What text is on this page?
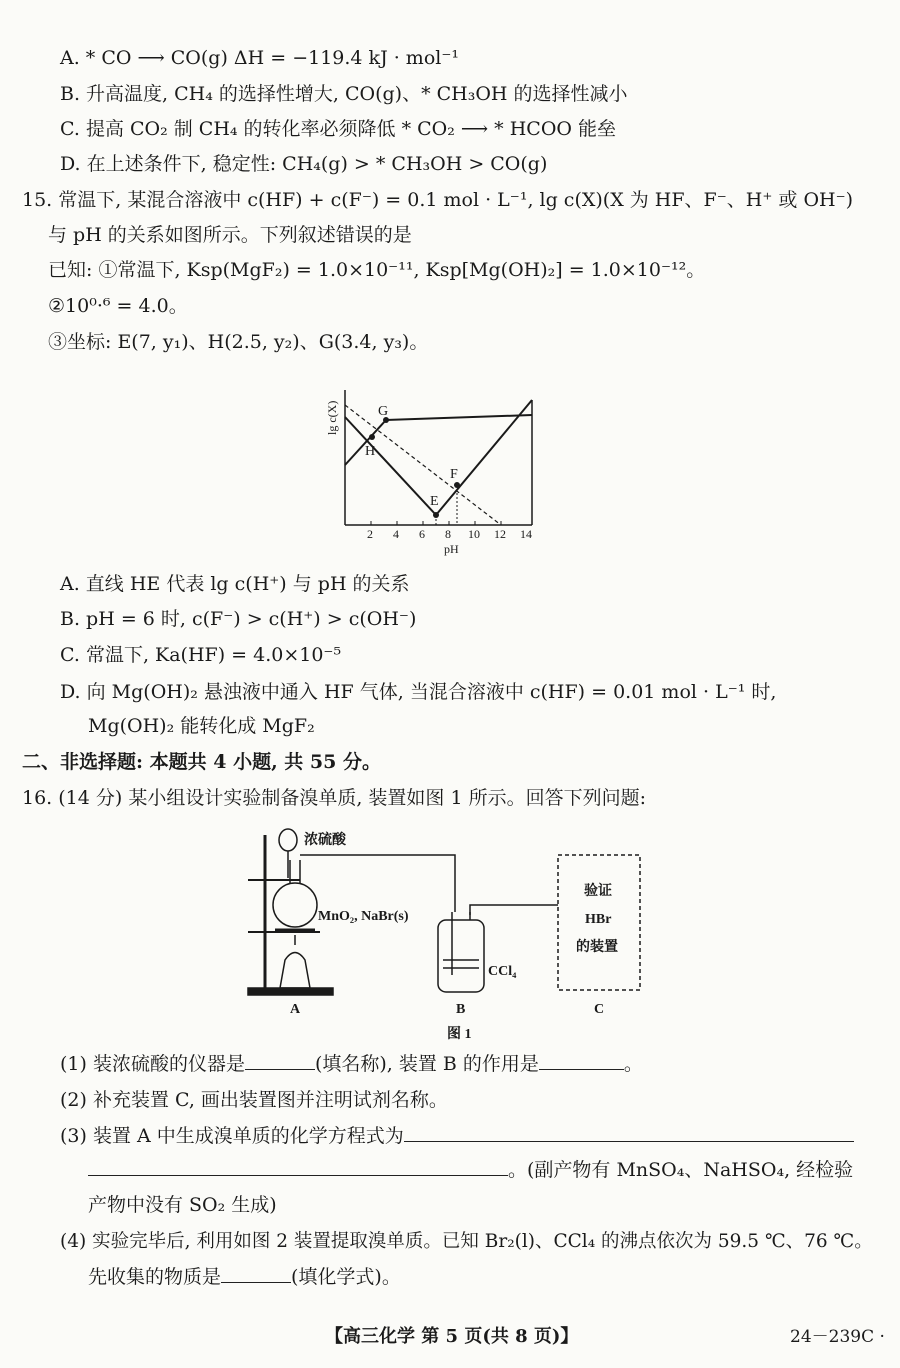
A. * CO ⟶ CO(g) ΔH = −119.4 kJ · mol⁻¹
B. 升高温度, CH₄ 的选择性增大, CO(g)、* CH₃OH 的选择性减小
C. 提高 CO₂ 制 CH₄ 的转化率必须降低 * CO₂ ⟶ * HCOO 能垒
D. 在上述条件下, 稳定性: CH₄(g) > * CH₃OH > CO(g)
15. 常温下, 某混合溶液中 c(HF) + c(F⁻) = 0.1 mol · L⁻¹, lg c(X)(X 为 HF、F⁻、H⁺ 或 OH⁻)
与 pH 的关系如图所示。下列叙述错误的是
已知: ①常温下, Ksp(MgF₂) = 1.0×10⁻¹¹, Ksp[Mg(OH)₂] = 1.0×10⁻¹²。
②10⁰·⁶ = 4.0。
③坐标: E(7, y₁)、H(2.5, y₂)、G(3.4, y₃)。
G
H
E
F
2 4 6 8 10 12 14
pH
lg c(X)
A. 直线 HE 代表 lg c(H⁺) 与 pH 的关系
B. pH = 6 时, c(F⁻) > c(H⁺) > c(OH⁻)
C. 常温下, Ka(HF) = 4.0×10⁻⁵
D. 向 Mg(OH)₂ 悬浊液中通入 HF 气体, 当混合溶液中 c(HF) = 0.01 mol · L⁻¹ 时,
Mg(OH)₂ 能转化成 MgF₂
二、非选择题: 本题共 4 小题, 共 55 分。
16. (14 分) 某小组设计实验制备溴单质, 装置如图 1 所示。回答下列问题:
浓硫酸
MnO₂, NaBr(s)
CCl₄
验证
HBr
的装置
A	B	C
图 1
(1) 装浓硫酸的仪器是	(填名称), 装置 B 的作用是	。
(2) 补充装置 C, 画出装置图并注明试剂名称。
(3) 装置 A 中生成溴单质的化学方程式为
。(副产物有 MnSO₄、NaHSO₄, 经检验
产物中没有 SO₂ 生成)
(4) 实验完毕后, 利用如图 2 装置提取溴单质。已知 Br₂(l)、CCl₄ 的沸点依次为 59.5 ℃、76 ℃。
先收集的物质是	(填化学式)。
【高三化学 第 5 页(共 8 页)】	24－239C ·
